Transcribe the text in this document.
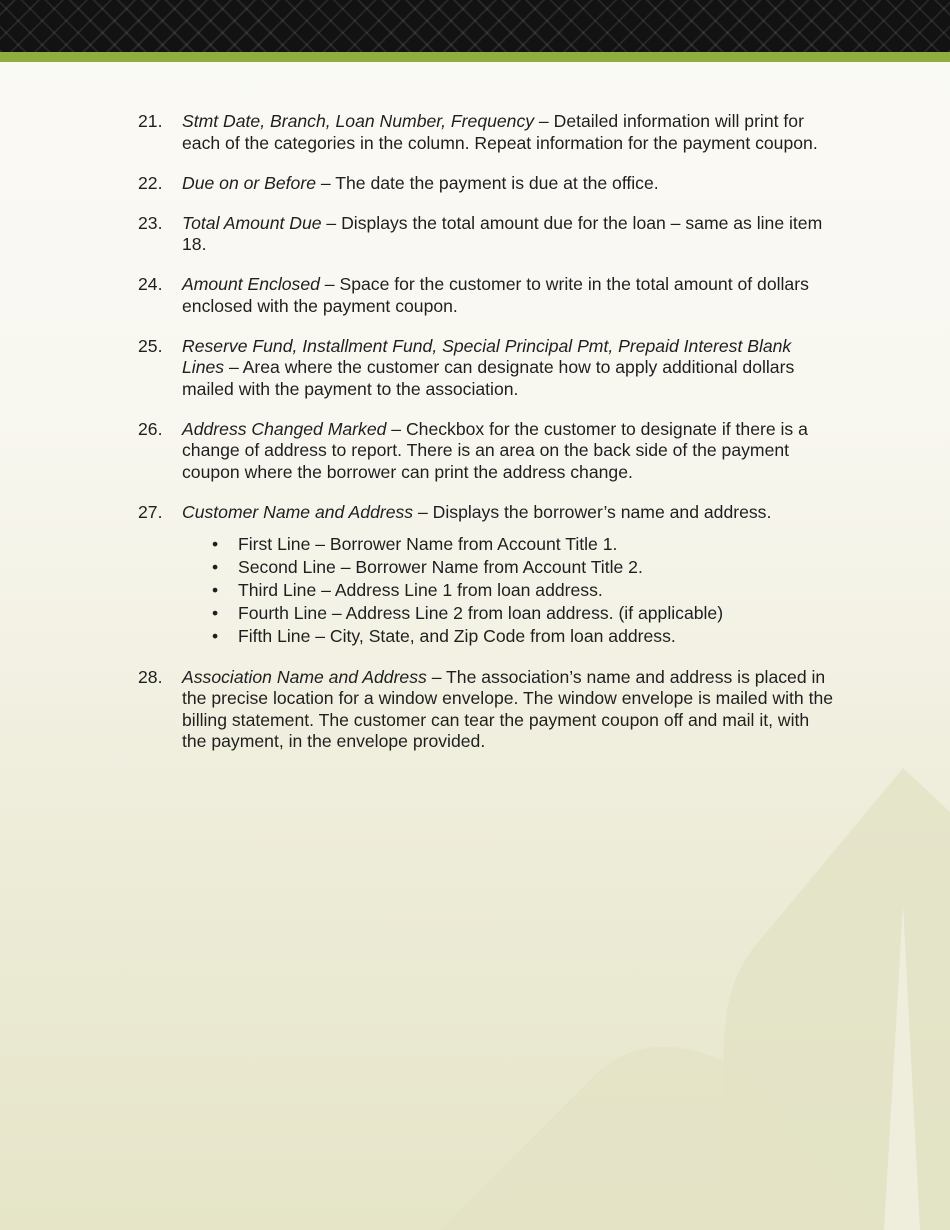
21.	Stmt Date, Branch, Loan Number, Frequency – Detailed information will print for each of the categories in the column. Repeat information for the payment coupon.
22.	Due on or Before – The date the payment is due at the office.
23.	Total Amount Due – Displays the total amount due for the loan – same as line item 18.
24.	Amount Enclosed – Space for the customer to write in the total amount of dollars enclosed with the payment coupon.
25.	Reserve Fund, Installment Fund, Special Principal Pmt, Prepaid Interest Blank Lines – Area where the customer can designate how to apply additional dollars mailed with the payment to the association.
26.	Address Changed Marked – Checkbox for the customer to designate if there is a change of address to report. There is an area on the back side of the payment coupon where the borrower can print the address change.
27.	Customer Name and Address – Displays the borrower’s name and address.
•	First Line – Borrower Name from Account Title 1.
•	Second Line – Borrower Name from Account Title 2.
•	Third Line – Address Line 1 from loan address.
•	Fourth Line – Address Line 2 from loan address. (if applicable)
•	Fifth Line – City, State, and Zip Code from loan address.
28.	Association Name and Address – The association’s name and address is placed in the precise location for a window envelope. The window envelope is mailed with the billing statement. The customer can tear the payment coupon off and mail it, with the payment, in the envelope provided.
